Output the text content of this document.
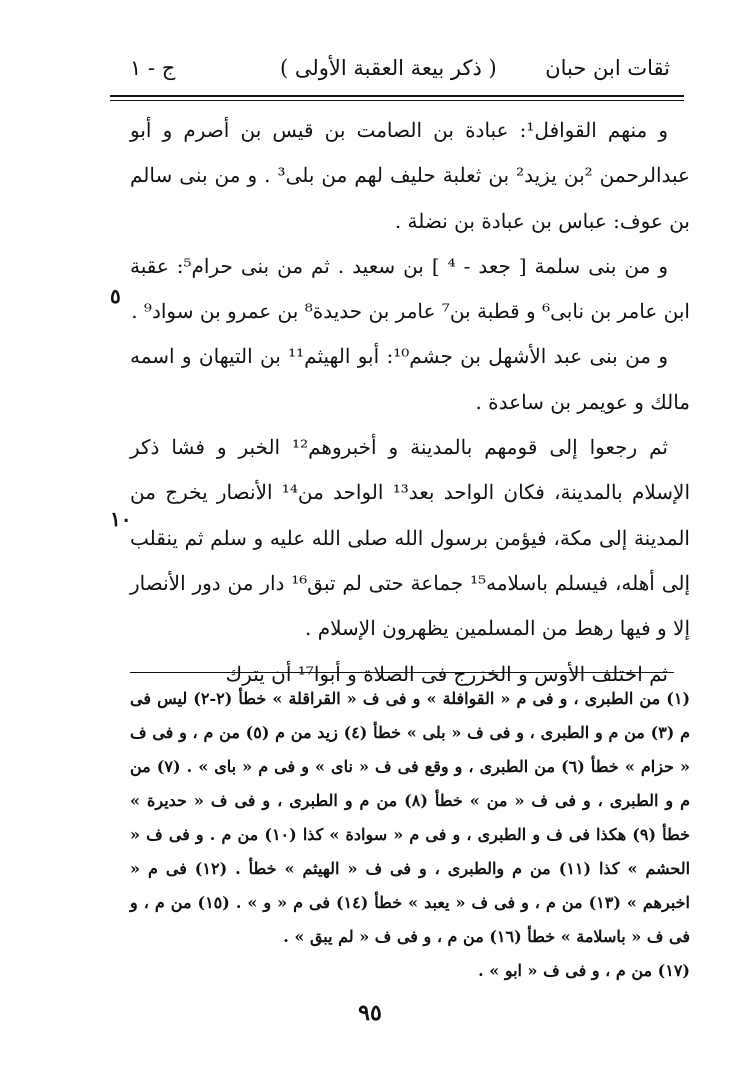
ثقات ابن حبان
( ذكر بيعة العقبة الأولى )
ج - ١

و منهم القوافل¹: عبادة بن الصامت بن قيس بن أصرم و أبو عبدالرحمن ²بن يزيد² بن ثعلبة حليف لهم من بلى³ . و من بنى سالم بن عوف: عباس بن عبادة بن نضلة .

و من بنى سلمة [ جعد - ⁴ ] بن سعيد . ثم من بنى حرام⁵: عقبة ابن عامر بن نابى⁶ و قطبة بن⁷ عامر بن حديدة⁸ بن عمرو بن سواد⁹ .

و من بنى عبد الأشهل بن جشم¹⁰: أبو الهيثم¹¹ بن التيهان و اسمه مالك و عويمر بن ساعدة .

ثم رجعوا إلى قومهم بالمدينة و أخبروهم¹² الخبر و فشا ذكر الإسلام بالمدينة، فكان الواحد بعد¹³ الواحد من¹⁴ الأنصار يخرج من المدينة إلى مكة، فيؤمن برسول الله صلى الله عليه و سلم ثم ينقلب إلى أهله، فيسلم باسلامه¹⁵ جماعة حتى لم تبق¹⁶ دار من دور الأنصار إلا و فيها رهط من المسلمين يظهرون الإسلام .

ثم اختلف الأوس و الخزرج فى الصلاة و أبوا¹⁷ أن يترك

٥
١٠

(١) من الطبرى ، و فى م « القوافلة » و فى ف « القراقلة » خطأ (٢-٢) ليس فى م (٣) من م و الطبرى ، و فى ف « بلى » خطأ (٤) زيد من م (٥) من م ، و فى ف « حزام » خطأ (٦) من الطبرى ، و وقع فى ف « ناى » و فى م « باى » . (٧) من م و الطبرى ، و فى ف « من » خطأ (٨) من م و الطبرى ، و فى ف « حديرة » خطأ (٩) هكذا فى ف و الطبرى ، و فى م « سوادة » كذا (١٠) من م . و فى ف « الحشم » كذا (١١) من م والطبرى ، و فى ف « الهيثم » خطأ . (١٢) فى م « اخبرهم » (١٣) من م ، و فى ف « يعبد » خطأ (١٤) فى م « و » . (١٥) من م ، و فى ف « باسلامة » خطأ (١٦) من م ، و فى ف « لم يبق » .

(١٧) من م ، و فى ف « ابو » .

٩٥
